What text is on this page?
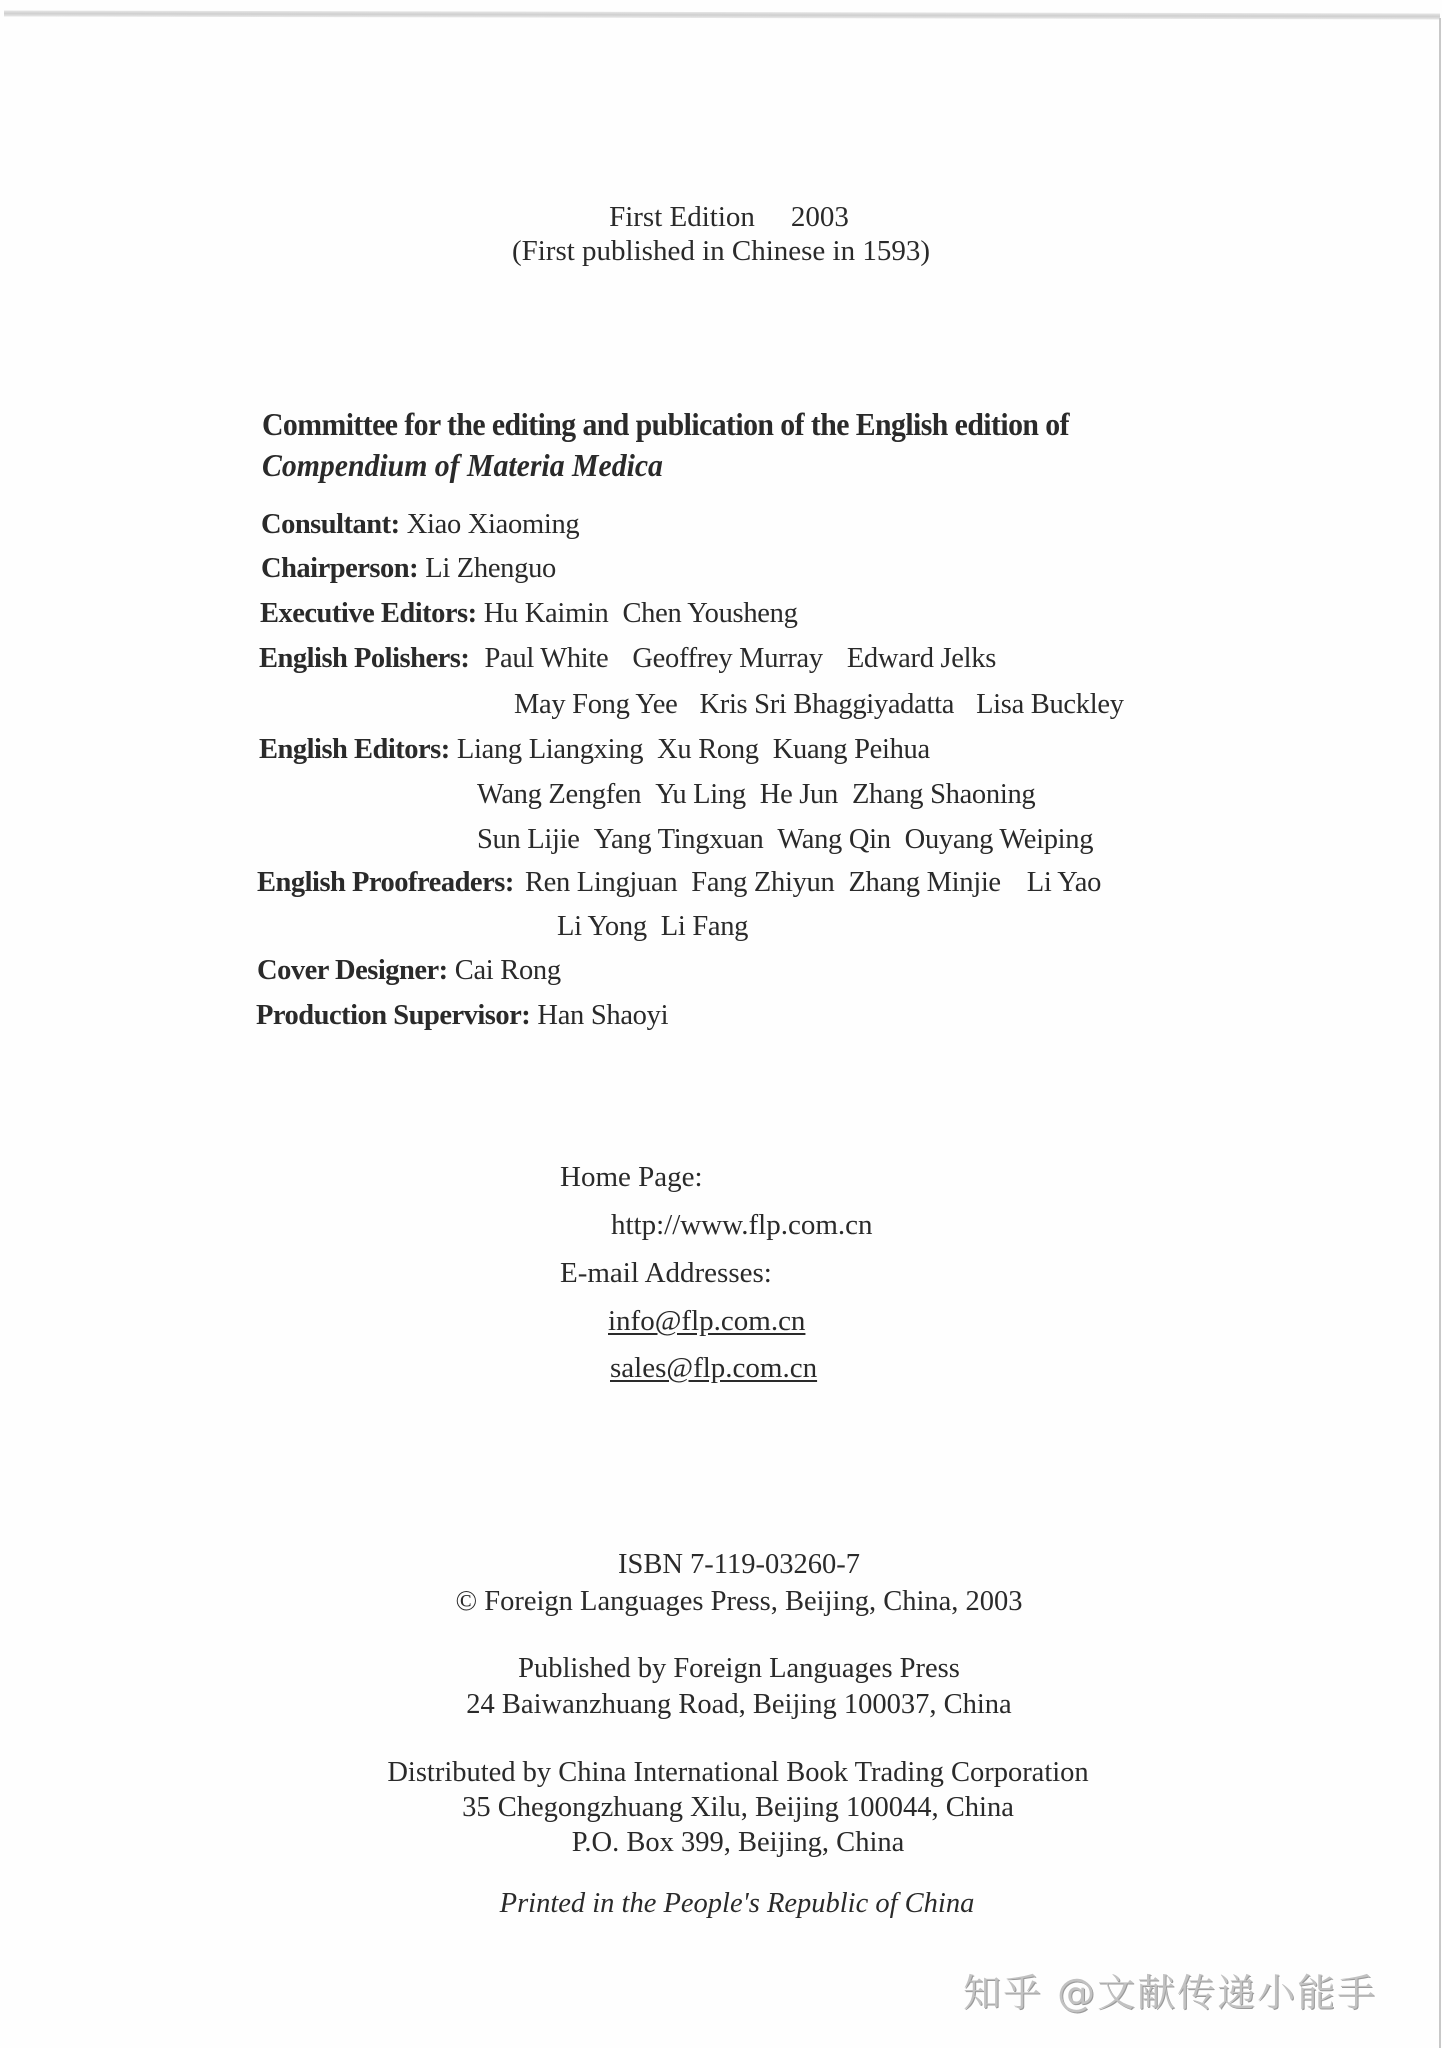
First Edition 2003
(First published in Chinese in 1593)
Committee for the editing and publication of the English edition of
Compendium of Materia Medica
Consultant: Xiao Xiaoming
Chairperson: Li Zhenguo
Executive Editors: Hu Kaimin Chen Yousheng
English Polishers: Paul White Geoffrey Murray Edward Jelks
May Fong Yee Kris Sri Bhaggiyadatta Lisa Buckley
English Editors: Liang Liangxing Xu Rong Kuang Peihua
Wang Zengfen Yu Ling He Jun Zhang Shaoning
Sun Lijie Yang Tingxuan Wang Qin Ouyang Weiping
English Proofreaders: Ren Lingjuan Fang Zhiyun Zhang Minjie Li Yao
Li Yong Li Fang
Cover Designer: Cai Rong
Production Supervisor: Han Shaoyi
Home Page:
http://www.flp.com.cn
E-mail Addresses:
info@flp.com.cn
sales@flp.com.cn
ISBN 7-119-03260-7
© Foreign Languages Press, Beijing, China, 2003
Published by Foreign Languages Press
24 Baiwanzhuang Road, Beijing 100037, China
Distributed by China International Book Trading Corporation
35 Chegongzhuang Xilu, Beijing 100044, China
P.O. Box 399, Beijing, China
Printed in the People's Republic of China
知乎 @文献传递小能手
